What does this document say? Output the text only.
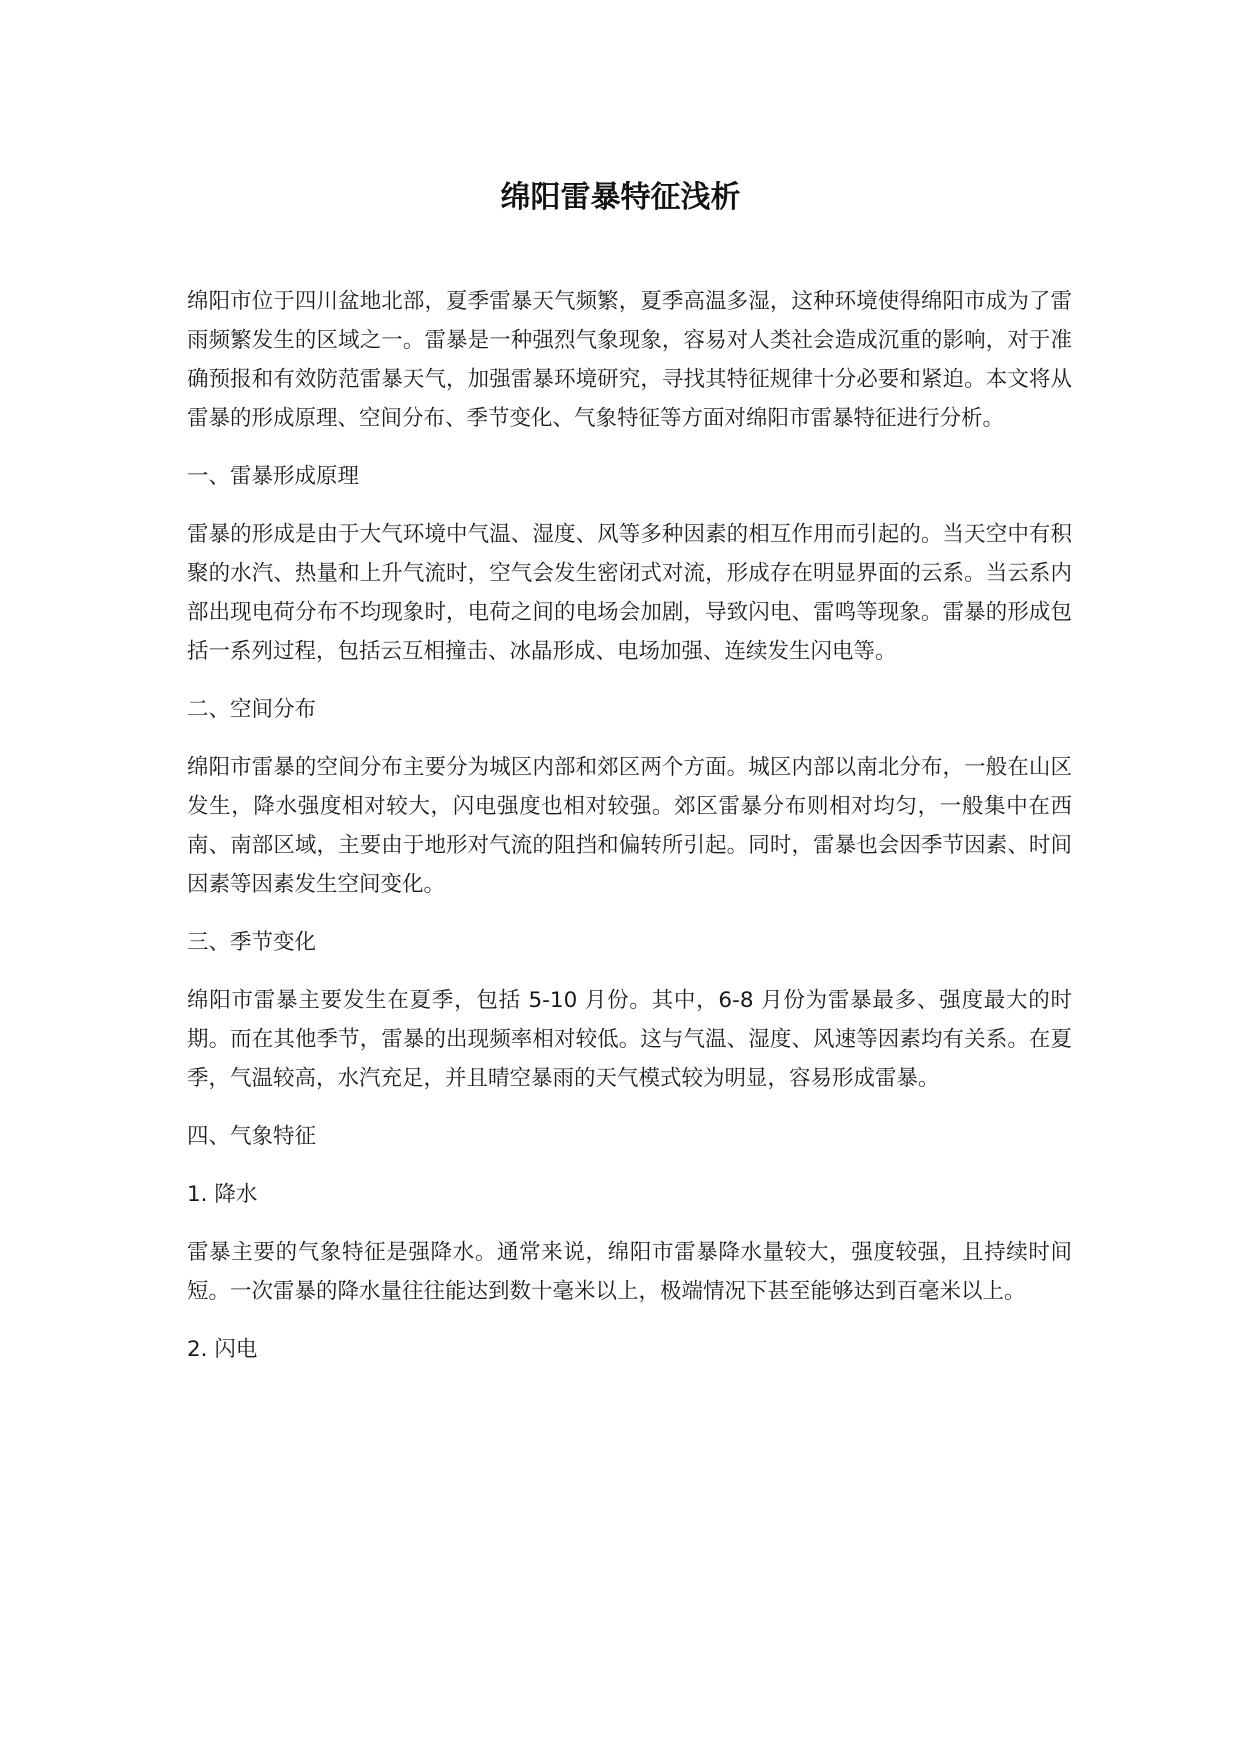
绵阳雷暴特征浅析

绵阳市位于四川盆地北部，夏季雷暴天气频繁，夏季高温多湿，这种环境使得绵阳市成为了雷雨频繁发生的区域之一。雷暴是一种强烈气象现象，容易对人类社会造成沉重的影响，对于准确预报和有效防范雷暴天气，加强雷暴环境研究，寻找其特征规律十分必要和紧迫。本文将从雷暴的形成原理、空间分布、季节变化、气象特征等方面对绵阳市雷暴特征进行分析。

一、雷暴形成原理

雷暴的形成是由于大气环境中气温、湿度、风等多种因素的相互作用而引起的。当天空中有积聚的水汽、热量和上升气流时，空气会发生密闭式对流，形成存在明显界面的云系。当云系内部出现电荷分布不均现象时，电荷之间的电场会加剧，导致闪电、雷鸣等现象。雷暴的形成包括一系列过程，包括云互相撞击、冰晶形成、电场加强、连续发生闪电等。

二、空间分布

绵阳市雷暴的空间分布主要分为城区内部和郊区两个方面。城区内部以南北分布，一般在山区发生，降水强度相对较大，闪电强度也相对较强。郊区雷暴分布则相对均匀，一般集中在西南、南部区域，主要由于地形对气流的阻挡和偏转所引起。同时，雷暴也会因季节因素、时间因素等因素发生空间变化。

三、季节变化

绵阳市雷暴主要发生在夏季，包括 5-10 月份。其中，6-8 月份为雷暴最多、强度最大的时期。而在其他季节，雷暴的出现频率相对较低。这与气温、湿度、风速等因素均有关系。在夏季，气温较高，水汽充足，并且晴空暴雨的天气模式较为明显，容易形成雷暴。

四、气象特征

1. 降水

雷暴主要的气象特征是强降水。通常来说，绵阳市雷暴降水量较大，强度较强，且持续时间短。一次雷暴的降水量往往能达到数十毫米以上，极端情况下甚至能够达到百毫米以上。

2. 闪电
